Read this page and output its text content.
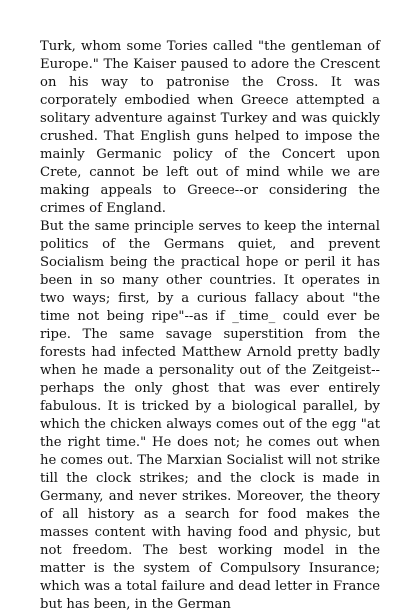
Turk, whom some Tories called "the gentleman of Europe." The Kaiser paused to adore the Crescent on his way to patronise the Cross. It was corporately embodied when Greece attempted a solitary adventure against Turkey and was quickly crushed. That English guns helped to impose the mainly Germanic policy of the Concert upon Crete, cannot be left out of mind while we are making appeals to Greece--or considering the crimes of England.

But the same principle serves to keep the internal politics of the Germans quiet, and prevent Socialism being the practical hope or peril it has been in so many other countries. It operates in two ways; first, by a curious fallacy about "the time not being ripe"--as if _time_ could ever be ripe. The same savage superstition from the forests had infected Matthew Arnold pretty badly when he made a personality out of the Zeitgeist--perhaps the only ghost that was ever entirely fabulous. It is tricked by a biological parallel, by which the chicken always comes out of the egg "at the right time." He does not; he comes out when he comes out. The Marxian Socialist will not strike till the clock strikes; and the clock is made in Germany, and never strikes. Moreover, the theory of all history as a search for food makes the masses content with having food and physic, but not freedom. The best working model in the matter is the system of Compulsory Insurance; which was a total failure and dead letter in France but has been, in the German
